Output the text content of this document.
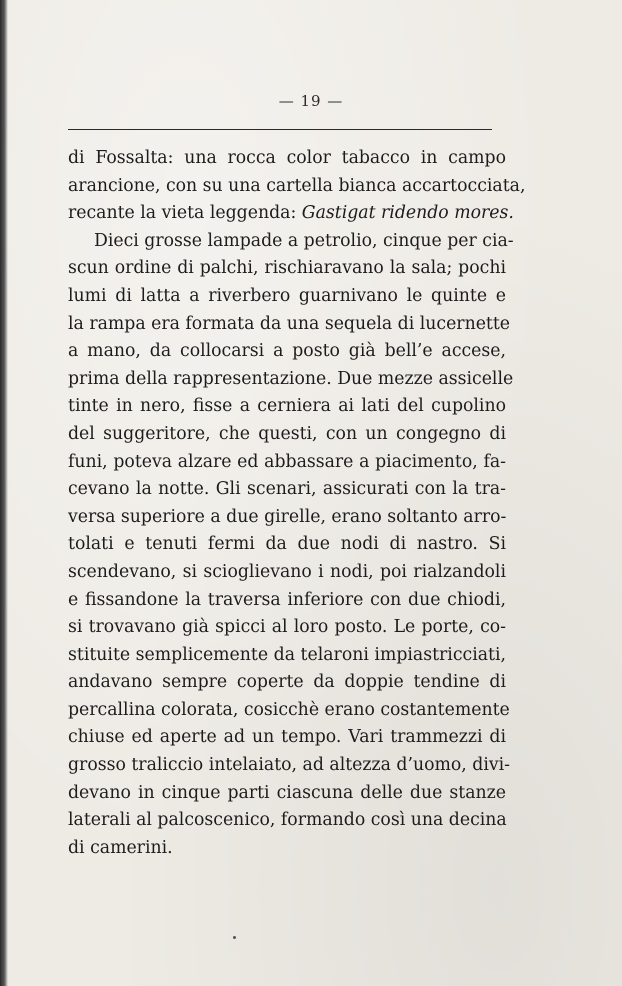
— 19 —
di Fossalta: una rocca color tabacco in campo
arancione, con su una cartella bianca accartocciata,
recante la vieta leggenda: Gastigat ridendo mores.
Dieci grosse lampade a petrolio, cinque per cia-
scun ordine di palchi, rischiaravano la sala; pochi
lumi di latta a riverbero guarnivano le quinte e
la rampa era formata da una sequela di lucernette
a mano, da collocarsi a posto già bell’e accese,
prima della rappresentazione. Due mezze assicelle
tinte in nero, fisse a cerniera ai lati del cupolino
del suggeritore, che questi, con un congegno di
funi, poteva alzare ed abbassare a piacimento, fa-
cevano la notte. Gli scenari, assicurati con la tra-
versa superiore a due girelle, erano soltanto arro-
tolati e tenuti fermi da due nodi di nastro. Si
scendevano, si scioglievano i nodi, poi rialzandoli
e fissandone la traversa inferiore con due chiodi,
si trovavano già spicci al loro posto. Le porte, co-
stituite semplicemente da telaroni impiastricciati,
andavano sempre coperte da doppie tendine di
percallina colorata, cosicchè erano costantemente
chiuse ed aperte ad un tempo. Vari trammezzi di
grosso traliccio intelaiato, ad altezza d’uomo, divi-
devano in cinque parti ciascuna delle due stanze
laterali al palcoscenico, formando così una decina
di camerini.
